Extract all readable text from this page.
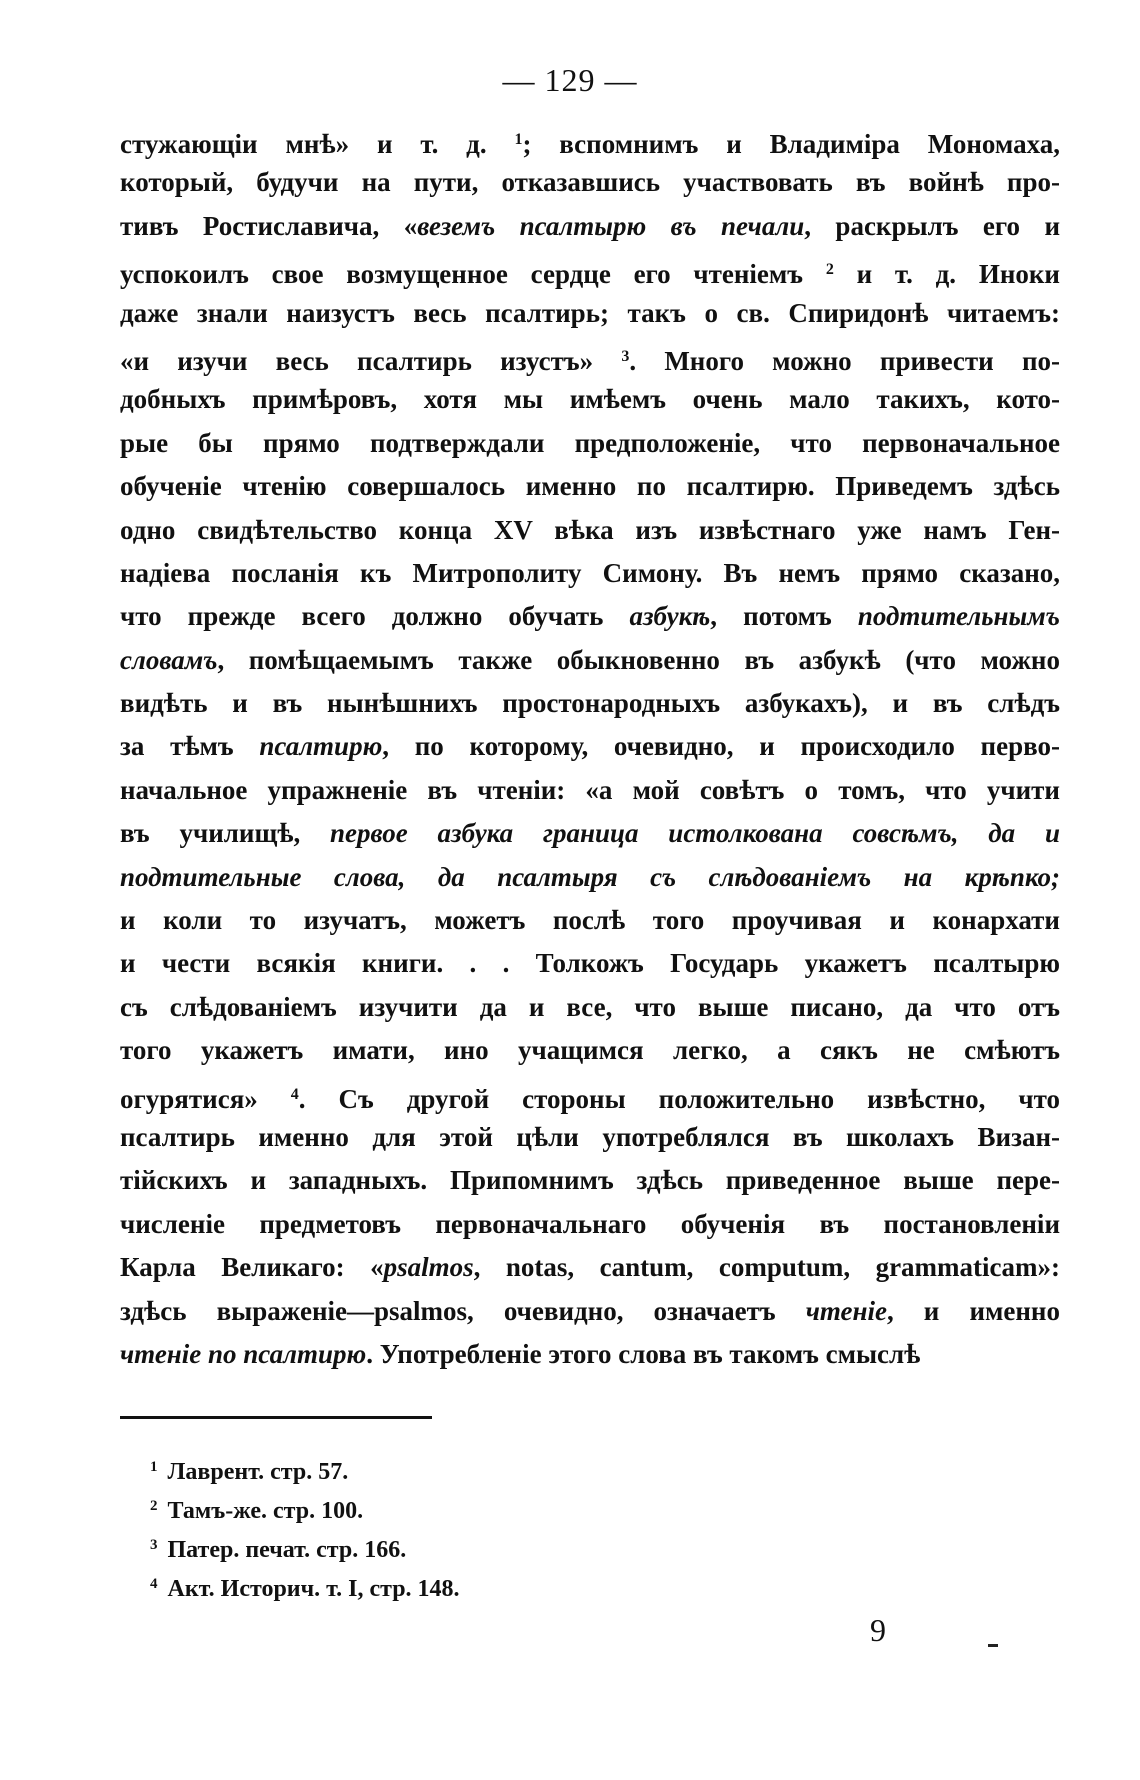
— 129 —
стужающіи мнѣ» и т. д. $^1$; вспомнимъ и Владиміра Мономаха,
который, будучи на пути, отказавшись участвовать въ войнѣ про-
тивъ Ростиславича, «веземъ псалтырю въ печали, раскрылъ его и
успокоилъ свое возмущенное сердце его чтеніемъ $^2$ и т. д. Иноки
даже знали наизустъ весь псалтирь; такъ о св. Спиридонѣ читаемъ:
«и изучи весь псалтирь изустъ» $^3$. Много можно привести по-
добныхъ примѣровъ, хотя мы имѣемъ очень мало такихъ, кото-
рые бы прямо подтверждали предположеніе, что первоначальное
обученіе чтенію совершалось именно по псалтирю. Приведемъ здѣсь
одно свидѣтельство конца XV вѣка изъ извѣстнаго уже намъ Ген-
надіева посланія къ Митрополиту Симону. Въ немъ прямо сказано,
что прежде всего должно обучать азбукѣ, потомъ подтительнымъ
словамъ, помѣщаемымъ также обыкновенно въ азбукѣ (что можно
видѣть и въ нынѣшнихъ простонародныхъ азбукахъ), и въ слѣдъ
за тѣмъ псалтирю, по которому, очевидно, и происходило перво-
начальное упражненіе въ чтеніи: «а мой совѣтъ о томъ, что учити
въ училищѣ, первое азбука граница истолкована совсѣмъ, да и
подтительные слова, да псалтыря съ слѣдованіемъ на крѣпко;
и коли то изучатъ, можетъ послѣ того проучивая и конархати
и чести всякія книги. . . Толкожъ Государь укажетъ псалтырю
съ слѣдованіемъ изучити да и все, что выше писано, да что отъ
того укажетъ имати, ино учащимся легко, а сякъ не смѣютъ
огурятися» $^4$. Съ другой стороны положительно извѣстно, что
псалтирь именно для этой цѣли употреблялся въ школахъ Визан-
тійскихъ и западныхъ. Припомнимъ здѣсь приведенное выше пере-
численіе предметовъ первоначальнаго обученія въ постановленіи
Карла Великаго: «psalmos, notas, cantum, computum, grammaticam»:
здѣсь выраженіе—psalmos, очевидно, означаетъ чтеніе, и именно
чтеніе по псалтирю. Употребленіе этого слова въ такомъ смыслѣ
$^1$ Лаврент. стр. 57.
$^2$ Тамъ-же. стр. 100.
$^3$ Патер. печат. стр. 166.
$^4$ Акт. Историч. т. I, стр. 148.
9
